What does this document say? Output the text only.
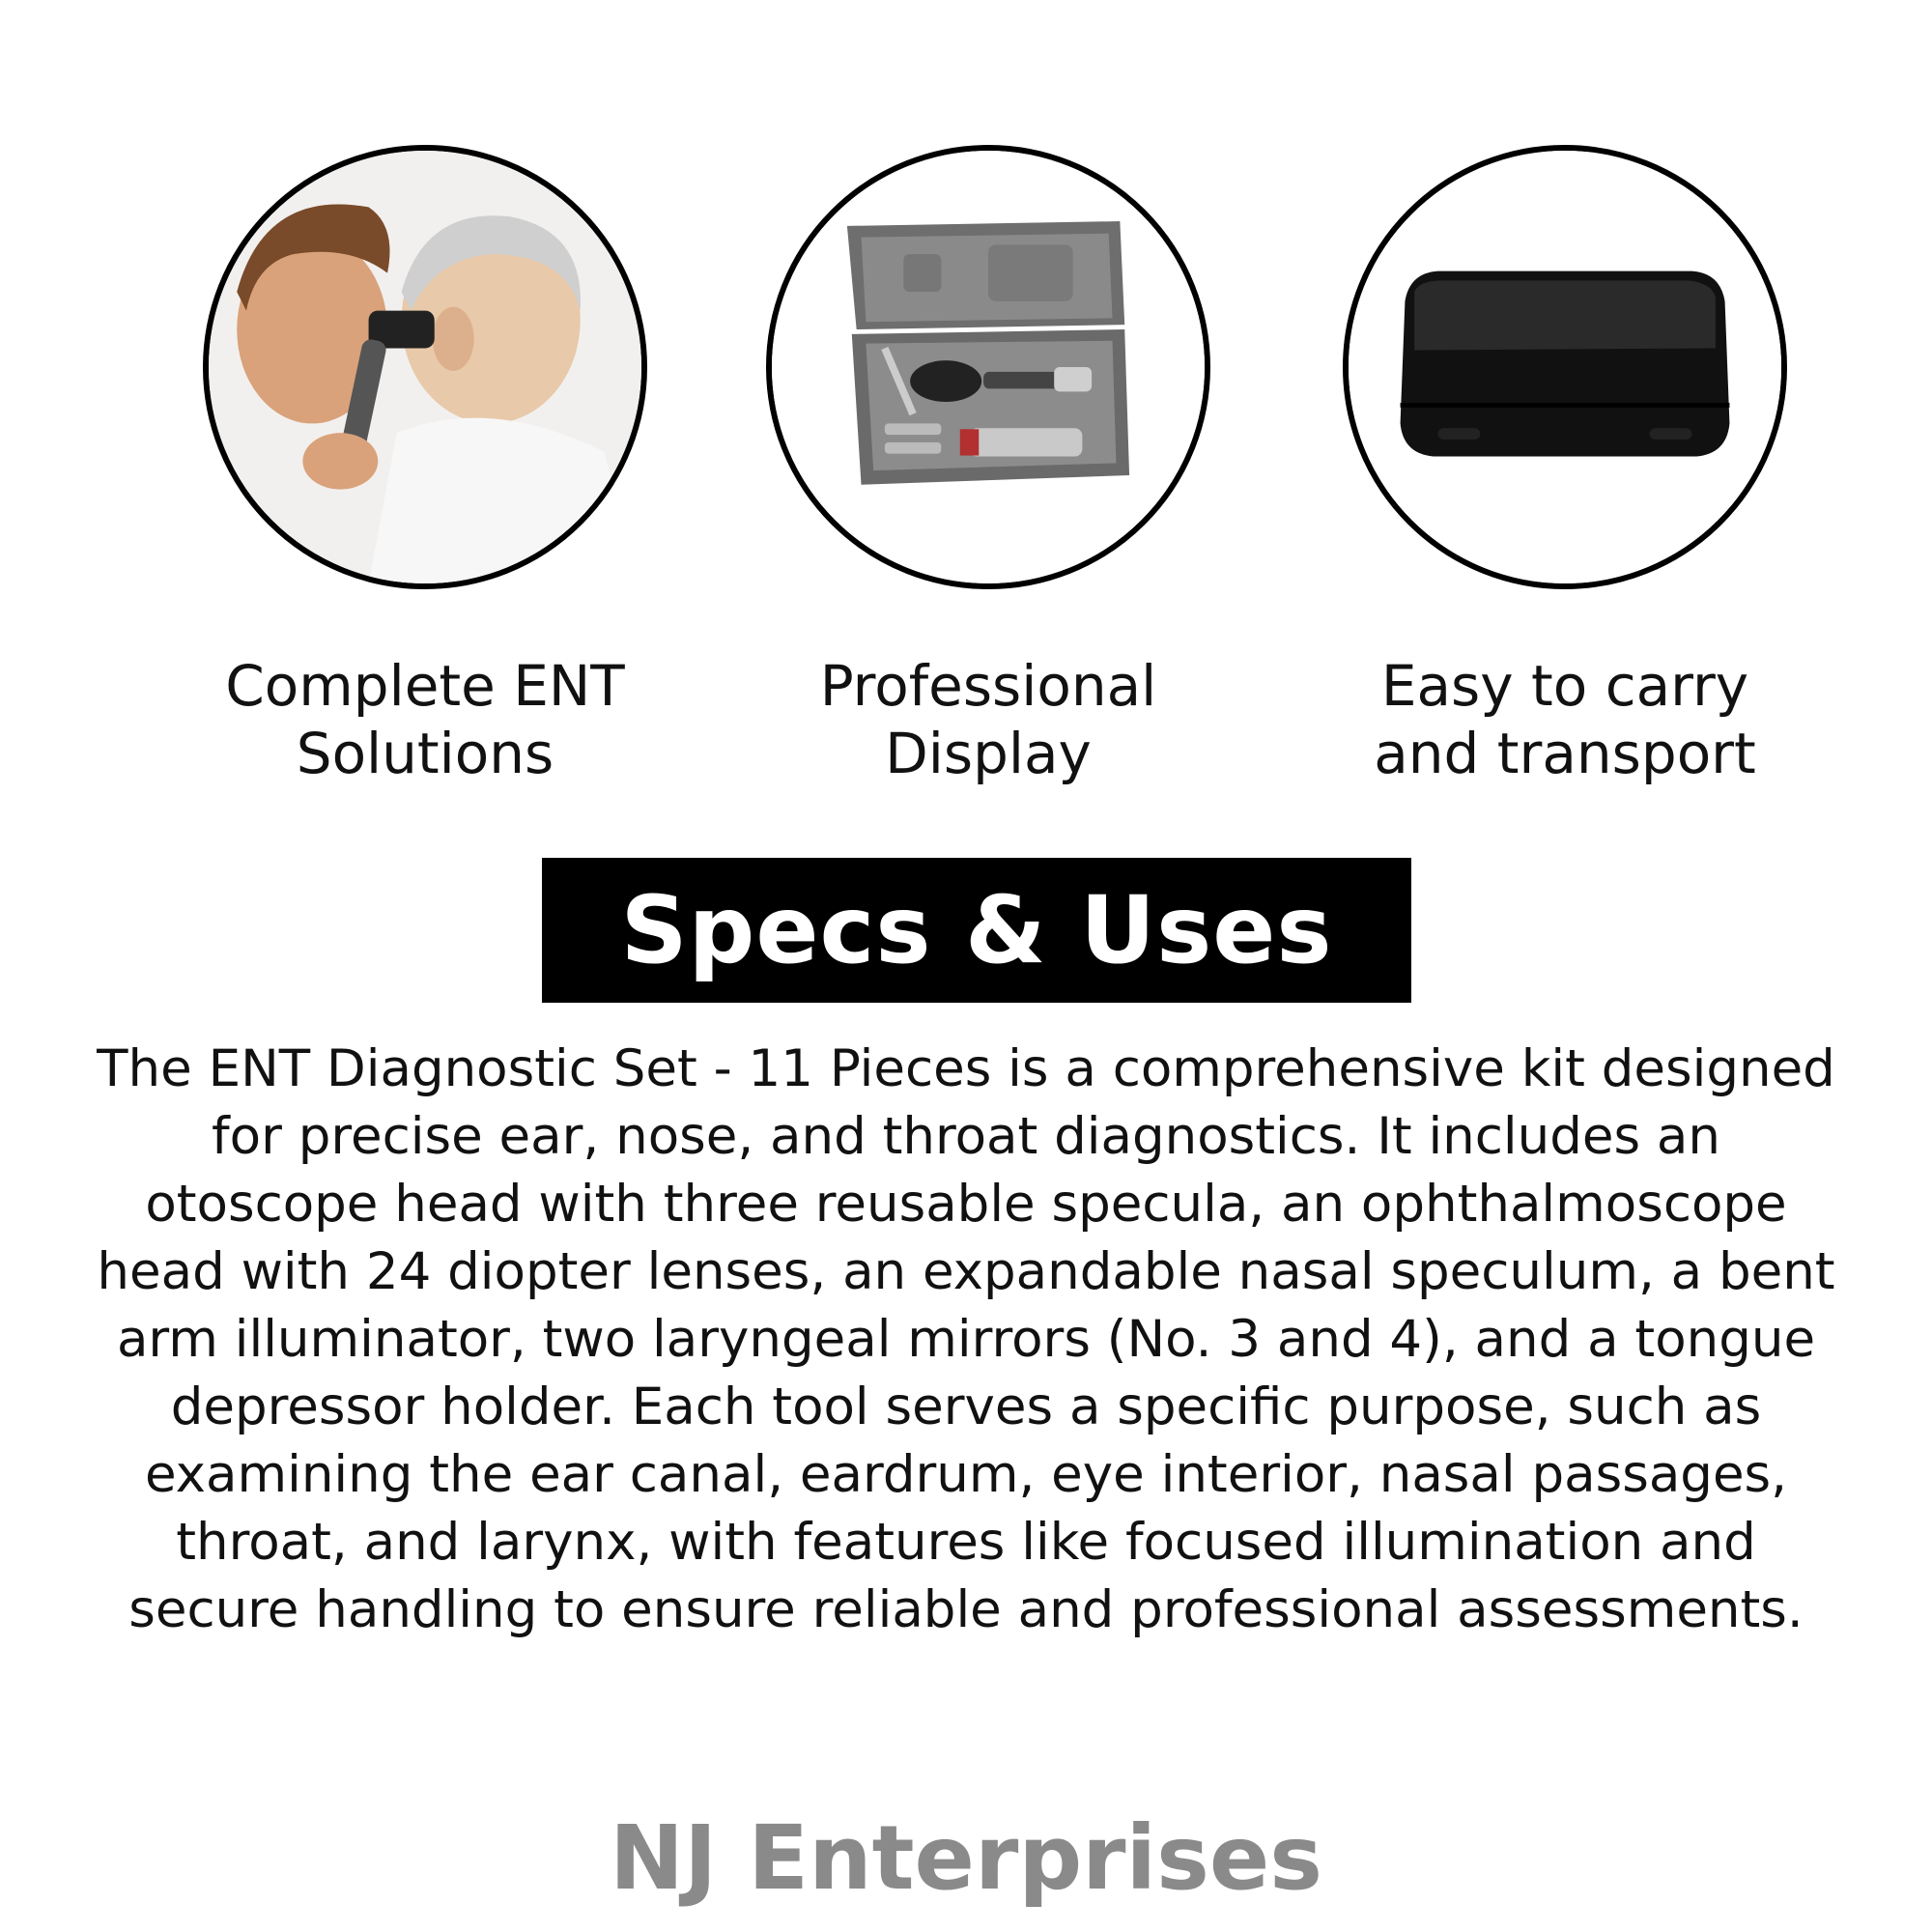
Complete ENT
Solutions
Professional
Display
Easy to carry
and transport
Specs & Uses
The ENT Diagnostic Set - 11 Pieces is a comprehensive kit designed for precise ear, nose, and throat diagnostics. It includes an otoscope head with three reusable specula, an ophthalmoscope head with 24 diopter lenses, an expandable nasal speculum, a bent arm illuminator, two laryngeal mirrors (No. 3 and 4), and a tongue depressor holder. Each tool serves a specific purpose, such as examining the ear canal, eardrum, eye interior, nasal passages, throat, and larynx, with features like focused illumination and secure handling to ensure reliable and professional assessments.
NJ Enterprises
